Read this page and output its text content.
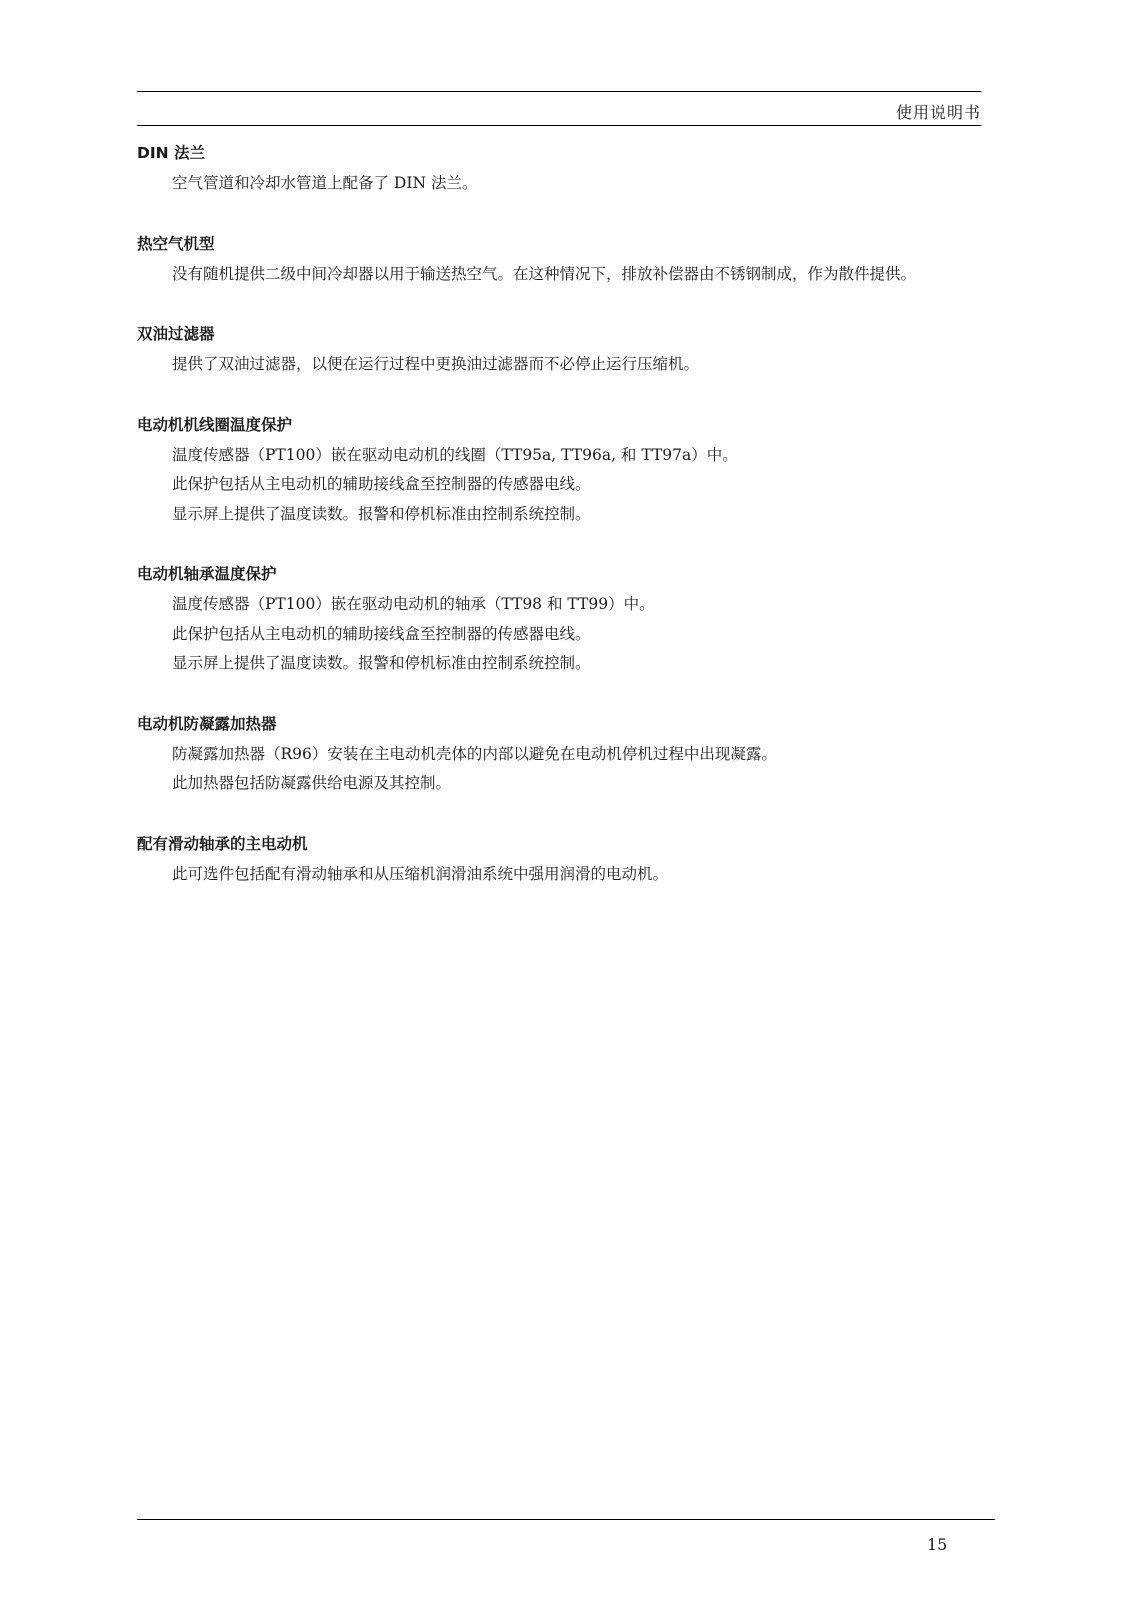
使用说明书

DIN 法兰

空气管道和冷却水管道上配备了 DIN 法兰。

热空气机型

没有随机提供二级中间冷却器以用于输送热空气。在这种情况下，排放补偿器由不锈钢制成，作为散件提供。

双油过滤器

提供了双油过滤器，以便在运行过程中更换油过滤器而不必停止运行压缩机。

电动机机线圈温度保护

温度传感器（PT100）嵌在驱动电动机的线圈（TT95a, TT96a, 和 TT97a）中。

此保护包括从主电动机的辅助接线盒至控制器的传感器电线。

显示屏上提供了温度读数。报警和停机标准由控制系统控制。

电动机轴承温度保护

温度传感器（PT100）嵌在驱动电动机的轴承（TT98 和 TT99）中。

此保护包括从主电动机的辅助接线盒至控制器的传感器电线。

显示屏上提供了温度读数。报警和停机标准由控制系统控制。

电动机防凝露加热器

防凝露加热器（R96）安装在主电动机壳体的内部以避免在电动机停机过程中出现凝露。

此加热器包括防凝露供给电源及其控制。

配有滑动轴承的主电动机

此可选件包括配有滑动轴承和从压缩机润滑油系统中强用润滑的电动机。

15
